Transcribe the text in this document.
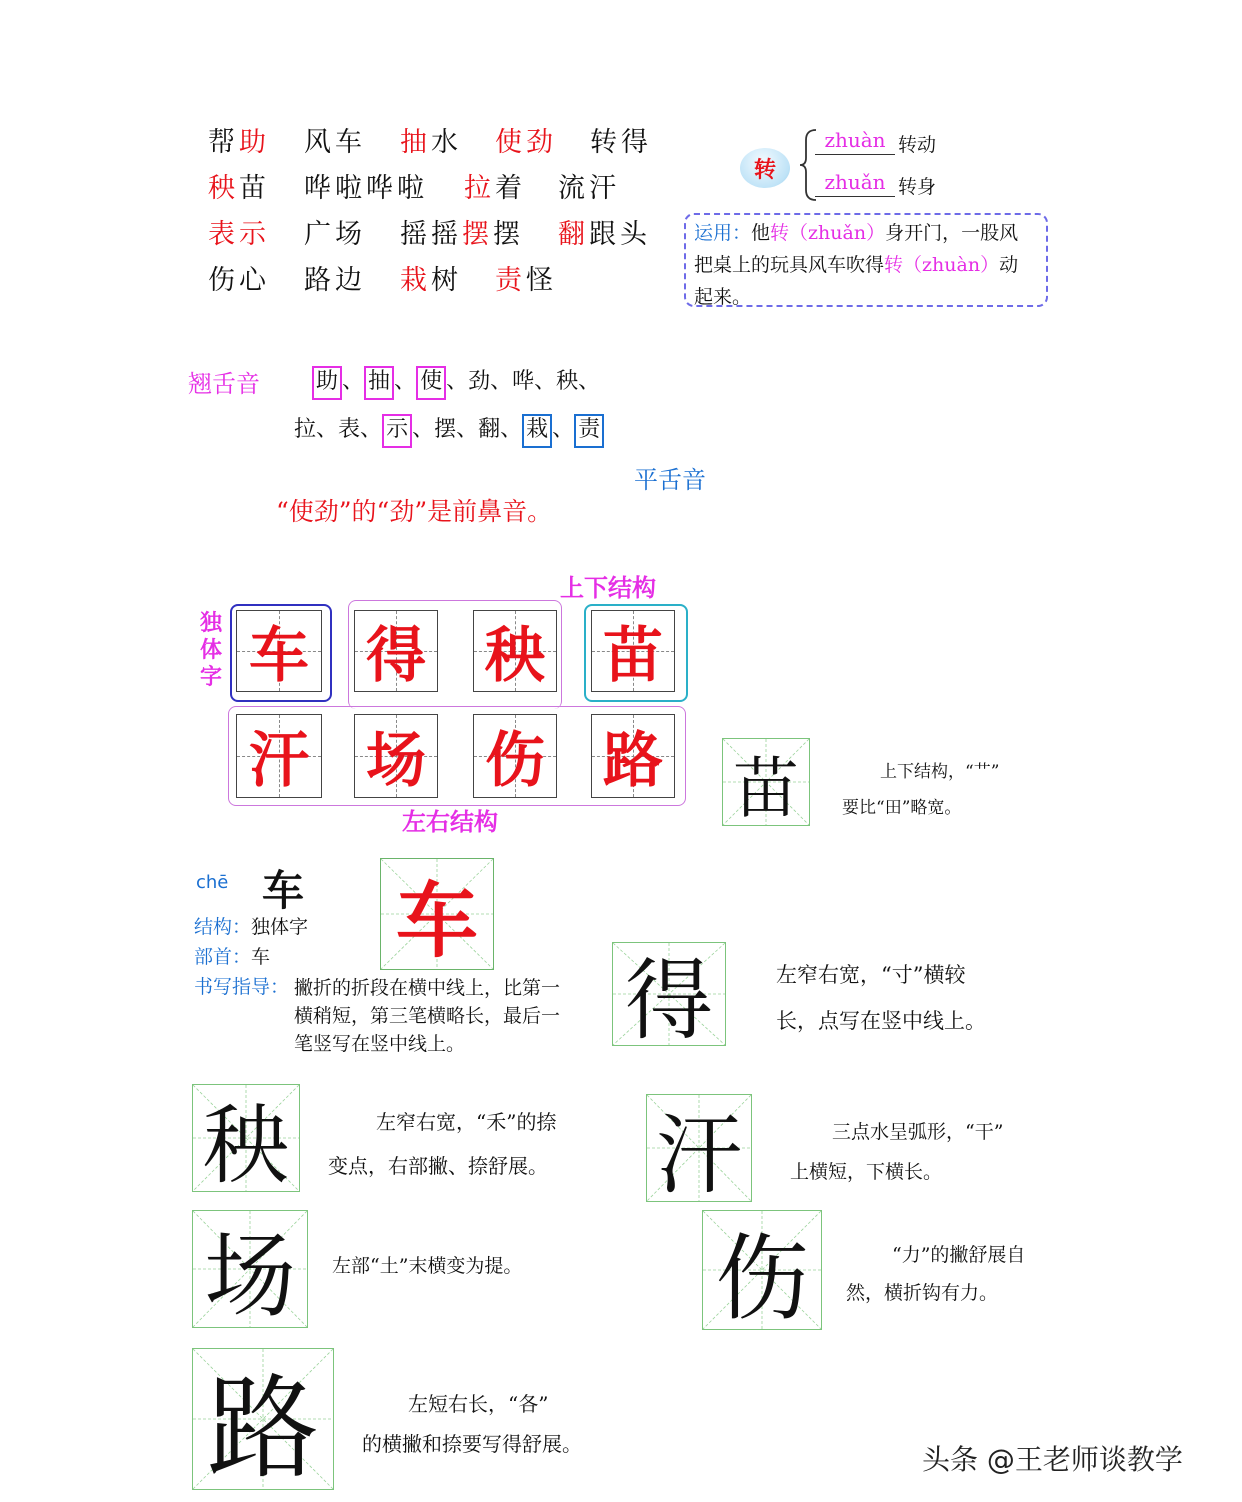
帮助 风车 抽水 使劲 转得
秧苗 哗啦哗啦 拉着 流汗
表示 广场 摇摇摆摆 翻跟头
伤心 路边 栽树 责怪
转
zhuàn 转动
zhuǎn 转身
运用：他转（zhuǎn）身开门，一股风
把桌上的玩具风车吹得转（zhuàn）动
起来。
翘舌音	助 、 抽 、 使 、劲、哗、秧、
拉、表、 示 、摆、翻、 栽 、 责
平舌音
“使劲”的“劲”是前鼻音。
上下结构
独体字
左右结构
车 得 秧 苗
汗 场 伤 路
chē 车
结构：独体字
部首：车
书写指导： 撇折的折段在横中线上，比第一
横稍短，第三笔横略长，最后一
笔竖写在竖中线上。
车
苗	上下结构，“艹”
要比“田”略宽。
得	左窄右宽，“寸”横较
长，点写在竖中线上。
秧	左窄右宽，“禾”的捺
变点，右部撇、捺舒展。 汗	三点水呈弧形，“干”
上横短，下横长。
场	左部“土”末横变为提。 伤	“力”的撇舒展自
然，横折钩有力。
路	左短右长，“各”
的横撇和捺要写得舒展。	头条 @王老师谈教学
